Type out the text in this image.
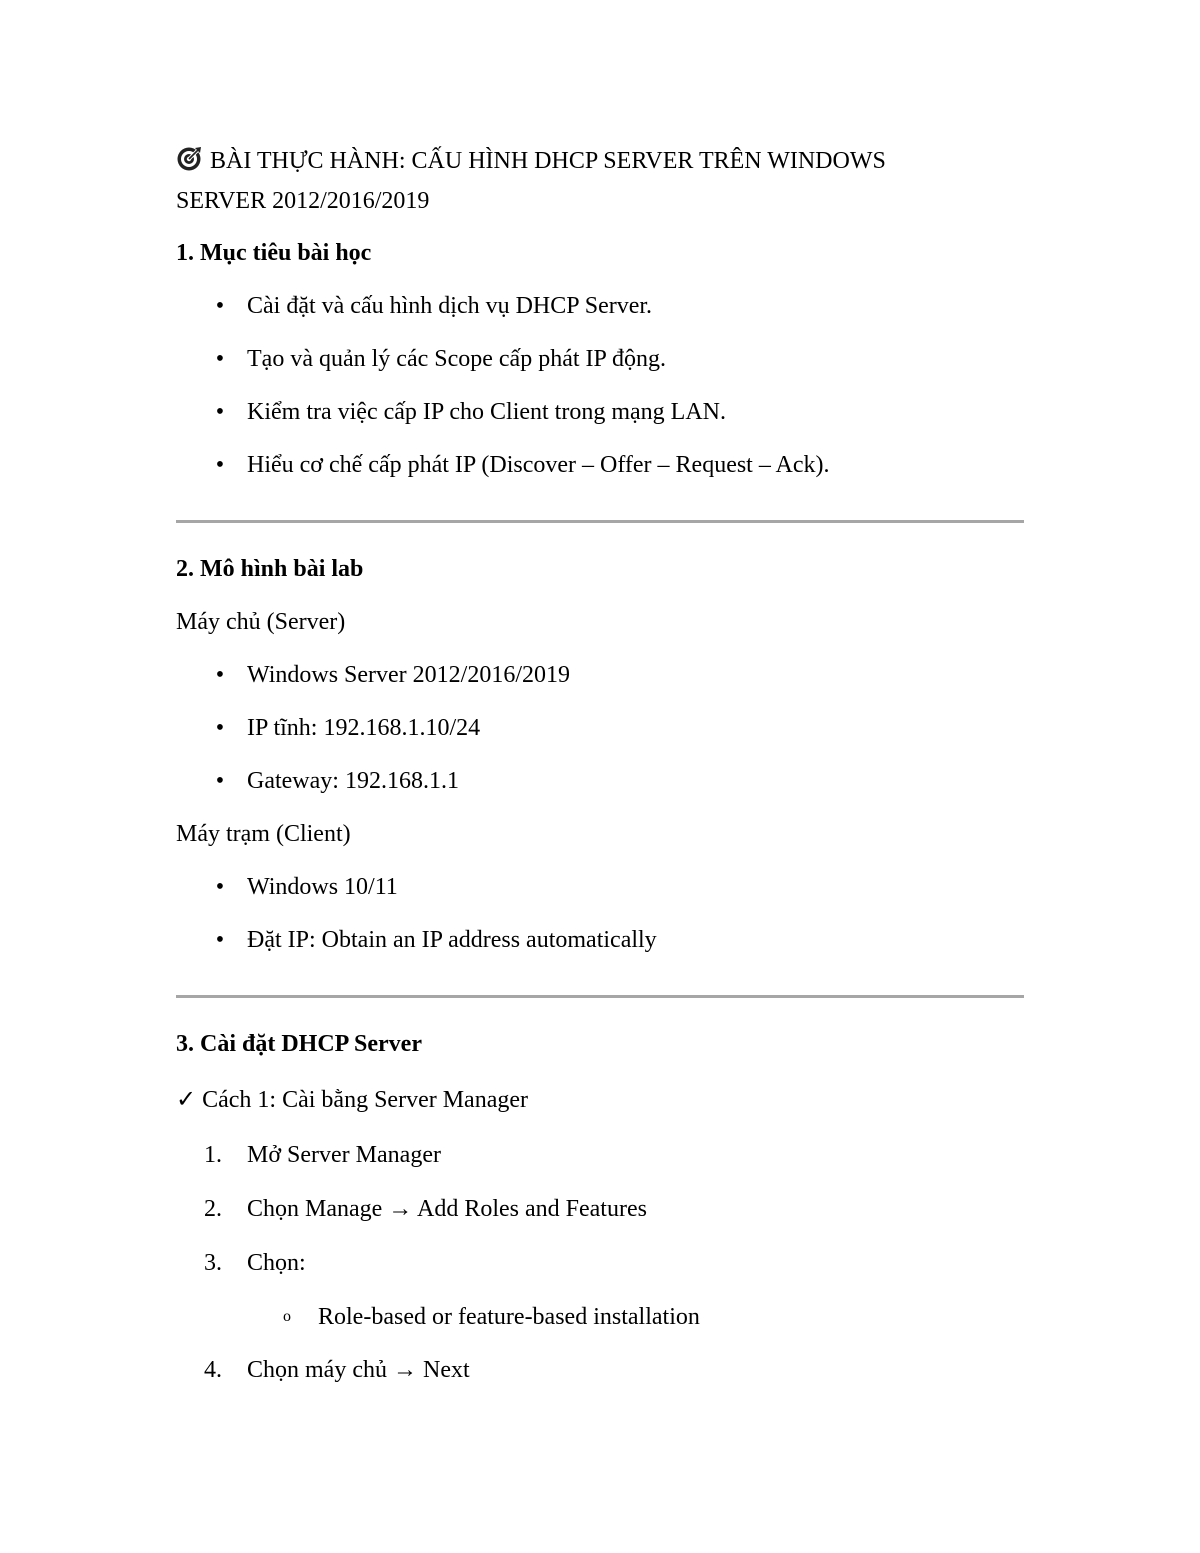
BÀI THỰC HÀNH: CẤU HÌNH DHCP SERVER TRÊN WINDOWS SERVER 2012/2016/2019
1. Mục tiêu bài học
• Cài đặt và cấu hình dịch vụ DHCP Server.
• Tạo và quản lý các Scope cấp phát IP động.
• Kiểm tra việc cấp IP cho Client trong mạng LAN.
• Hiểu cơ chế cấp phát IP (Discover – Offer – Request – Ack).
2. Mô hình bài lab

Máy chủ (Server)

• Windows Server 2012/2016/2019
• IP tĩnh: 192.168.1.10/24
• Gateway: 192.168.1.1

Máy trạm (Client)

• Windows 10/11
• Đặt IP: Obtain an IP address automatically
3. Cài đặt DHCP Server

✓ Cách 1: Cài bằng Server Manager

1.	Mở Server Manager
2.	Chọn Manage → Add Roles and Features
3.	Chọn:
o Role-based or feature-based installation
4.	Chọn máy chủ → Next
